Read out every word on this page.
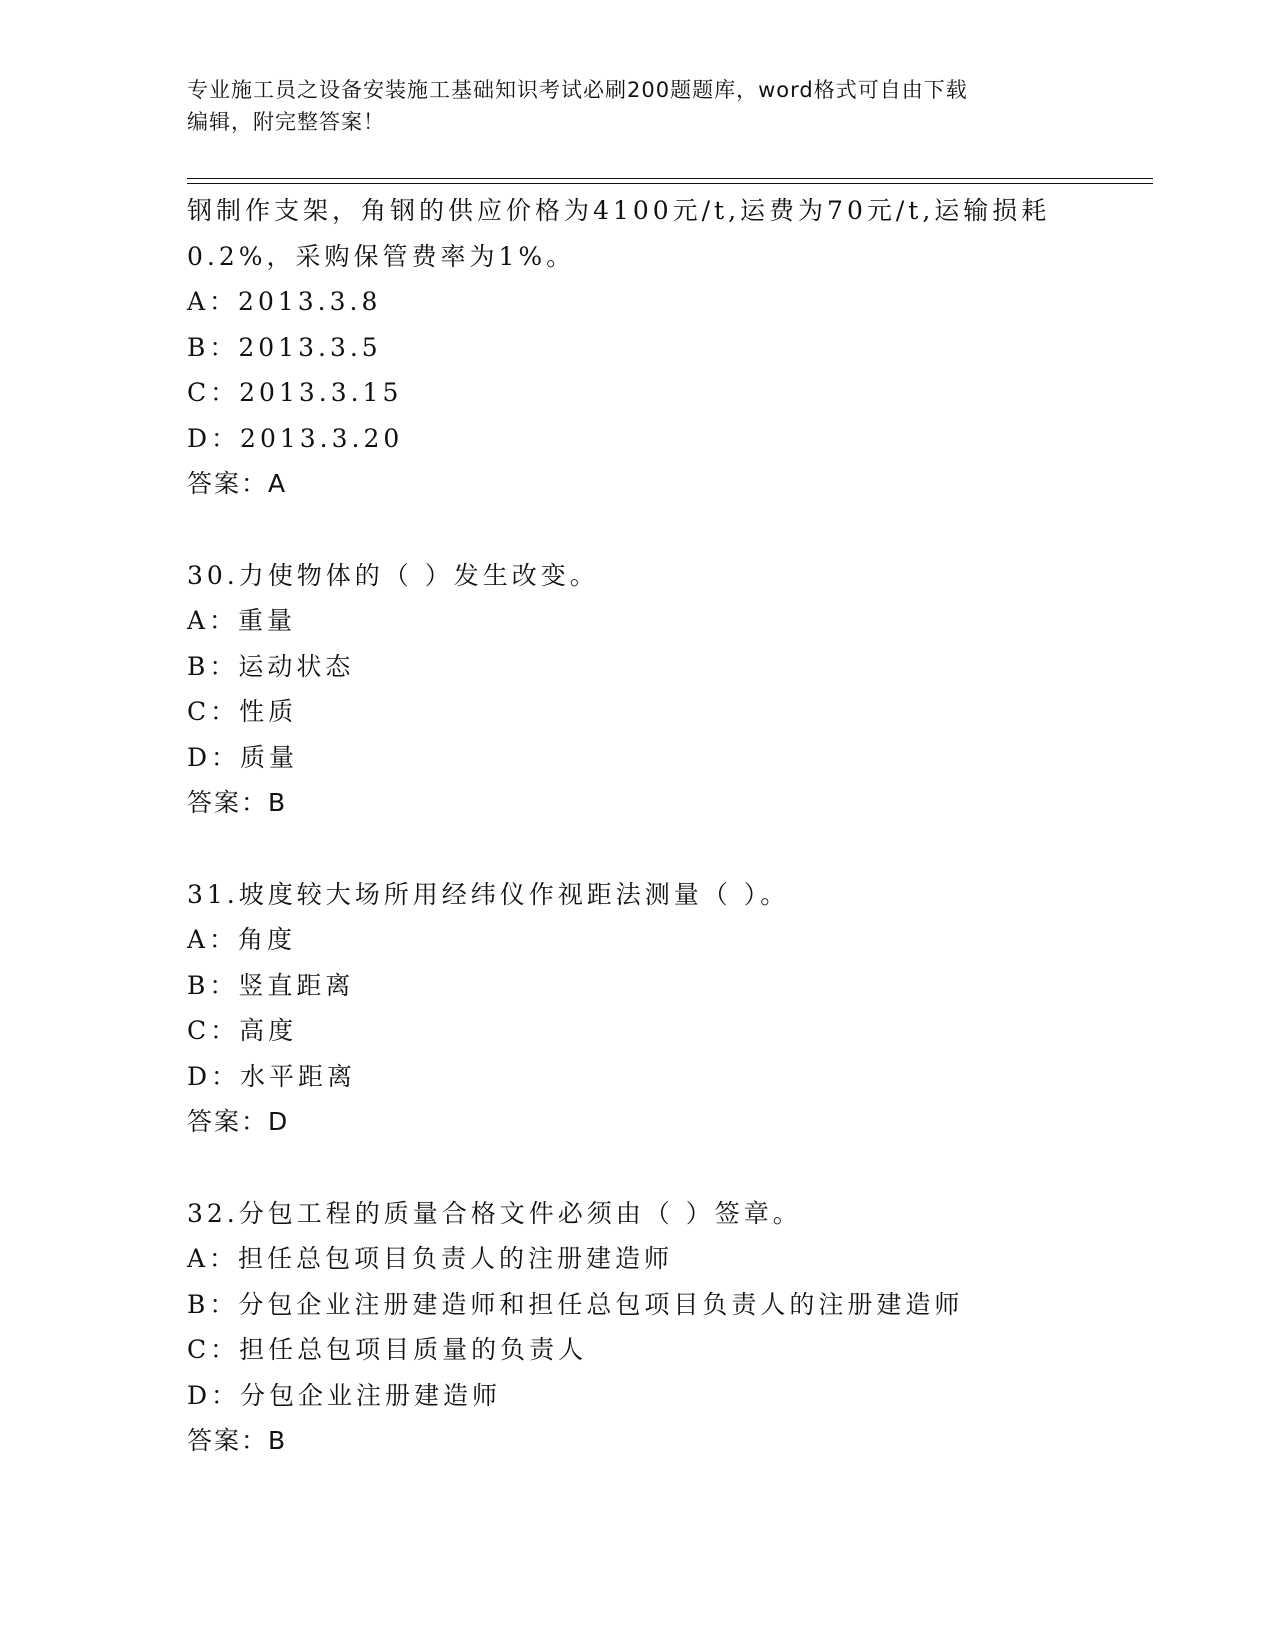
专业施工员之设备安装施工基础知识考试必刷200题题库，word格式可自由下载
编辑，附完整答案！
钢制作支架，角钢的供应价格为4100元/t,运费为70元/t,运输损耗
0.2%，采购保管费率为1%。
A：2013.3.8
B：2013.3.5
C：2013.3.15
D：2013.3.20
答案：A
30.力使物体的（ ）发生改变。
A：重量
B：运动状态
C：性质
D：质量
答案：B
31.坡度较大场所用经纬仪作视距法测量（ ）。
A：角度
B：竖直距离
C：高度
D：水平距离
答案：D
32.分包工程的质量合格文件必须由（ ）签章。
A：担任总包项目负责人的注册建造师
B：分包企业注册建造师和担任总包项目负责人的注册建造师
C：担任总包项目质量的负责人
D：分包企业注册建造师
答案：B
